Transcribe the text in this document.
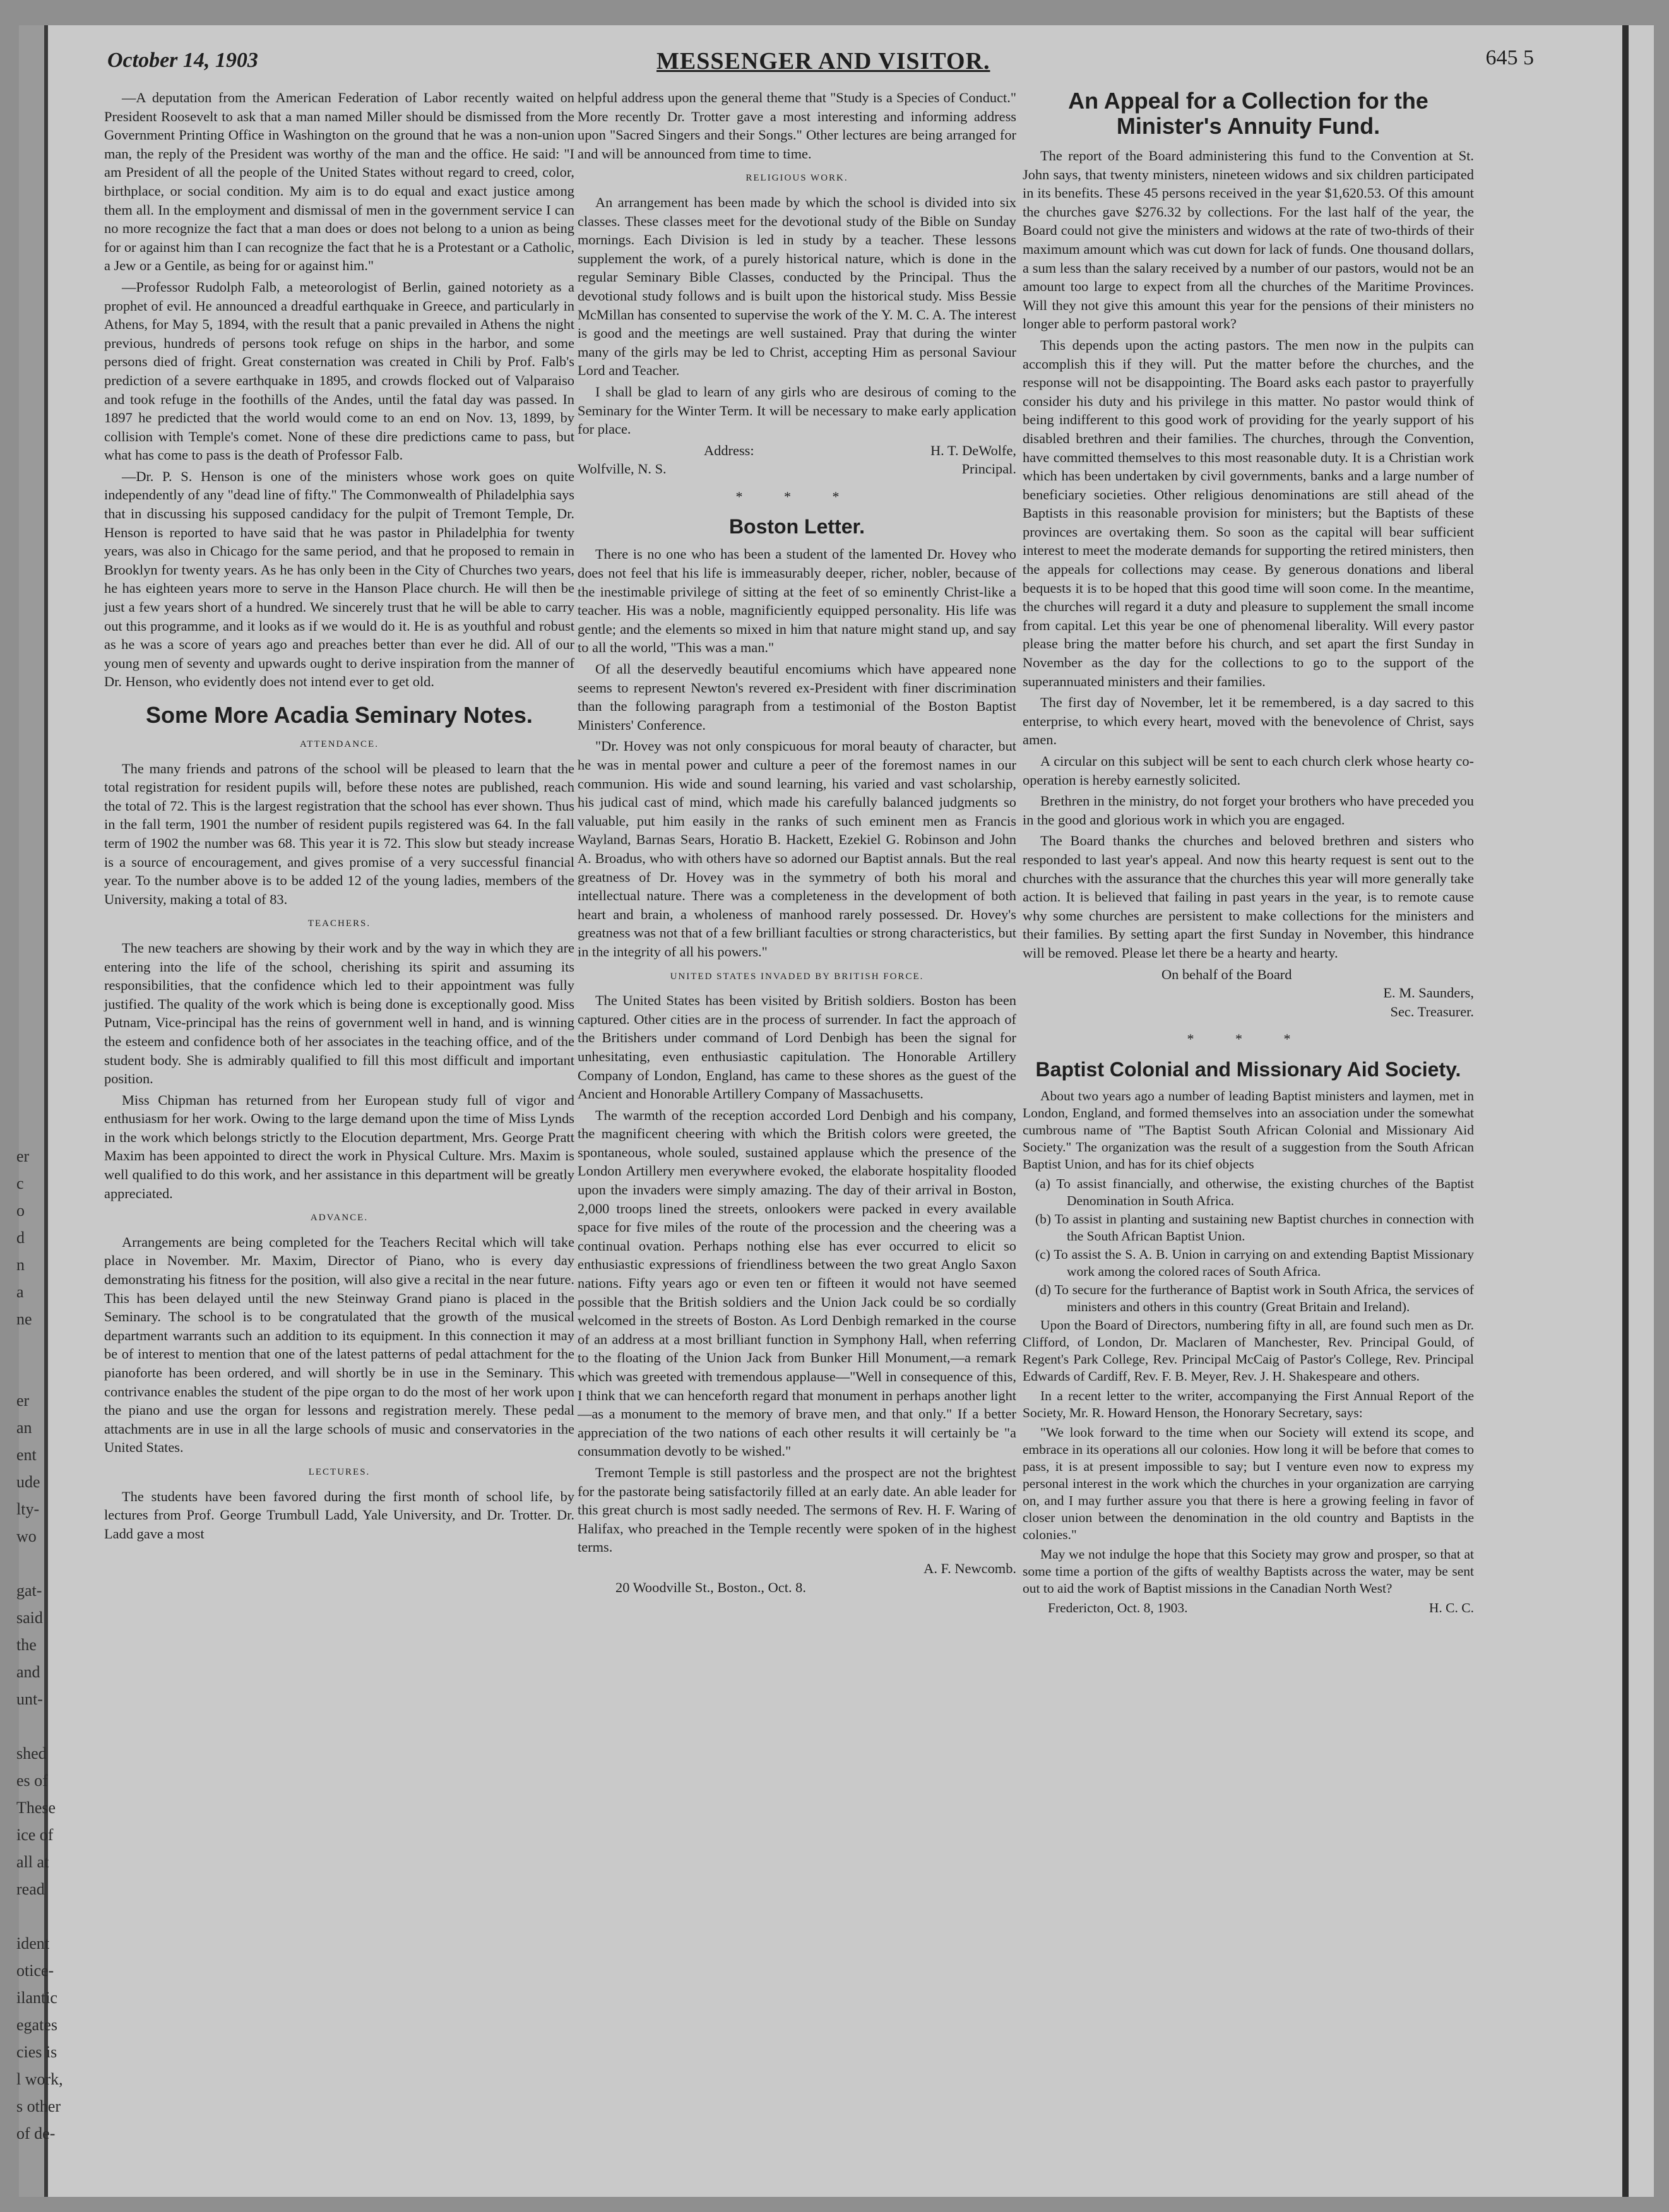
er
c
o
d
n
a
ne
er
an
ent
ude
lty-
wo
gat-
said
the
and
unt-
shed
es of
These
ice of
all at
read
ident
otice-
ilantic
egates
cies is
l work,
s other
of de-
October 14, 1903	MESSENGER AND VISITOR.	645 5

—A deputation from the American Federation of Labor recently waited on President Roosevelt to ask that a man named Miller should be dismissed from the Government Printing Office in Washington on the ground that he was a non-union man, the reply of the President was worthy of the man and the office. He said: "I am President of all the people of the United States without regard to creed, color, birthplace, or social condition. My aim is to do equal and exact justice among them all. In the employment and dismissal of men in the government service I can no more recognize the fact that a man does or does not belong to a union as being for or against him than I can recognize the fact that he is a Protestant or a Catholic, a Jew or a Gentile, as being for or against him."

—Professor Rudolph Falb, a meteorologist of Berlin, gained notoriety as a prophet of evil. He announced a dreadful earthquake in Greece, and particularly in Athens, for May 5, 1894, with the result that a panic prevailed in Athens the night previous, hundreds of persons took refuge on ships in the harbor, and some persons died of fright. Great consternation was created in Chili by Prof. Falb's prediction of a severe earthquake in 1895, and crowds flocked out of Valparaiso and took refuge in the foothills of the Andes, until the fatal day was passed. In 1897 he predicted that the world would come to an end on Nov. 13, 1899, by collision with Temple's comet. None of these dire predictions came to pass, but what has come to pass is the death of Professor Falb.

—Dr. P. S. Henson is one of the ministers whose work goes on quite independently of any "dead line of fifty." The Commonwealth of Philadelphia says that in discussing his supposed candidacy for the pulpit of Tremont Temple, Dr. Henson is reported to have said that he was pastor in Philadelphia for twenty years, was also in Chicago for the same period, and that he proposed to remain in Brooklyn for twenty years. As he has only been in the City of Churches two years, he has eighteen years more to serve in the Hanson Place church. He will then be just a few years short of a hundred. We sincerely trust that he will be able to carry out this programme, and it looks as if we would do it. He is as youthful and robust as he was a score of years ago and preaches better than ever he did. All of our young men of seventy and upwards ought to derive inspiration from the manner of Dr. Henson, who evidently does not intend ever to get old.

Some More Acadia Seminary Notes.
ATTENDANCE.

The many friends and patrons of the school will be pleased to learn that the total registration for resident pupils will, before these notes are published, reach the total of 72. This is the largest registration that the school has ever shown. Thus in the fall term, 1901 the number of resident pupils registered was 64. In the fall term of 1902 the number was 68. This year it is 72. This slow but steady increase is a source of encouragement, and gives promise of a very successful financial year. To the number above is to be added 12 of the young ladies, members of the University, making a total of 83.

TEACHERS.

The new teachers are showing by their work and by the way in which they are entering into the life of the school, cherishing its spirit and assuming its responsibilities, that the confidence which led to their appointment was fully justified. The quality of the work which is being done is exceptionally good. Miss Putnam, Vice-principal has the reins of government well in hand, and is winning the esteem and confidence both of her associates in the teaching office, and of the student body. She is admirably qualified to fill this most difficult and important position.

Miss Chipman has returned from her European study full of vigor and enthusiasm for her work. Owing to the large demand upon the time of Miss Lynds in the work which belongs strictly to the Elocution department, Mrs. George Pratt Maxim has been appointed to direct the work in Physical Culture. Mrs. Maxim is well qualified to do this work, and her assistance in this department will be greatly appreciated.

ADVANCE.

Arrangements are being completed for the Teachers Recital which will take place in November. Mr. Maxim, Director of Piano, who is every day demonstrating his fitness for the position, will also give a recital in the near future. This has been delayed until the new Steinway Grand piano is placed in the Seminary. The school is to be congratulated that the growth of the musical department warrants such an addition to its equipment. In this connection it may be of interest to mention that one of the latest patterns of pedal attachment for the pianoforte has been ordered, and will shortly be in use in the Seminary. This contrivance enables the student of the pipe organ to do the most of her work upon the piano and use the organ for lessons and registration merely. These pedal attachments are in use in all the large schools of music and conservatories in the United States.

LECTURES.

The students have been favored during the first month of school life, by lectures from Prof. George Trumbull Ladd, Yale University, and Dr. Trotter. Dr. Ladd gave a most

helpful address upon the general theme that "Study is a Species of Conduct." More recently Dr. Trotter gave a most interesting and informing address upon "Sacred Singers and their Songs." Other lectures are being arranged for and will be announced from time to time.

RELIGIOUS WORK.

An arrangement has been made by which the school is divided into six classes. These classes meet for the devotional study of the Bible on Sunday mornings. Each Division is led in study by a teacher. These lessons supplement the work, of a purely historical nature, which is done in the regular Seminary Bible Classes, conducted by the Principal. Thus the devotional study follows and is built upon the historical study. Miss Bessie McMillan has consented to supervise the work of the Y. M. C. A. The interest is good and the meetings are well sustained. Pray that during the winter many of the girls may be led to Christ, accepting Him as personal Saviour Lord and Teacher.

I shall be glad to learn of any girls who are desirous of coming to the Seminary for the Winter Term. It will be necessary to make early application for place.

Address:	H. T. DeWolfe,
Wolfville, N. S.	Principal.
* * *
Boston Letter.

There is no one who has been a student of the lamented Dr. Hovey who does not feel that his life is immeasurably deeper, richer, nobler, because of the inestimable privilege of sitting at the feet of so eminently Christ-like a teacher. His was a noble, magnificiently equipped personality. His life was gentle; and the elements so mixed in him that nature might stand up, and say to all the world, "This was a man."

Of all the deservedly beautiful encomiums which have appeared none seems to represent Newton's revered ex-President with finer discrimination than the following paragraph from a testimonial of the Boston Baptist Ministers' Conference.

"Dr. Hovey was not only conspicuous for moral beauty of character, but he was in mental power and culture a peer of the foremost names in our communion. His wide and sound learning, his varied and vast scholarship, his judical cast of mind, which made his carefully balanced judgments so valuable, put him easily in the ranks of such eminent men as Francis Wayland, Barnas Sears, Horatio B. Hackett, Ezekiel G. Robinson and John A. Broadus, who with others have so adorned our Baptist annals. But the real greatness of Dr. Hovey was in the symmetry of both his moral and intellectual nature. There was a completeness in the development of both heart and brain, a wholeness of manhood rarely possessed. Dr. Hovey's greatness was not that of a few brilliant faculties or strong characteristics, but in the integrity of all his powers."

UNITED STATES INVADED BY BRITISH FORCE.

The United States has been visited by British soldiers. Boston has been captured. Other cities are in the process of surrender. In fact the approach of the Britishers under command of Lord Denbigh has been the signal for unhesitating, even enthusiastic capitulation. The Honorable Artillery Company of London, England, has came to these shores as the guest of the Ancient and Honorable Artillery Company of Massachusetts.

The warmth of the reception accorded Lord Denbigh and his company, the magnificent cheering with which the British colors were greeted, the spontaneous, whole souled, sustained applause which the presence of the London Artillery men everywhere evoked, the elaborate hospitality flooded upon the invaders were simply amazing. The day of their arrival in Boston, 2,000 troops lined the streets, onlookers were packed in every available space for five miles of the route of the procession and the cheering was a continual ovation. Perhaps nothing else has ever occurred to elicit so enthusiastic expressions of friendliness between the two great Anglo Saxon nations. Fifty years ago or even ten or fifteen it would not have seemed possible that the British soldiers and the Union Jack could be so cordially welcomed in the streets of Boston. As Lord Denbigh remarked in the course of an address at a most brilliant function in Symphony Hall, when referring to the floating of the Union Jack from Bunker Hill Monument,—a remark which was greeted with tremendous applause—"Well in consequence of this, I think that we can henceforth regard that monument in perhaps another light—as a monument to the memory of brave men, and that only." If a better appreciation of the two nations of each other results it will certainly be "a consummation devotly to be wished."

Tremont Temple is still pastorless and the prospect are not the brightest for the pastorate being satisfactorily filled at an early date. An able leader for this great church is most sadly needed. The sermons of Rev. H. F. Waring of Halifax, who preached in the Temple recently were spoken of in the highest terms.

A. F. Newcomb.
20 Woodville St., Boston., Oct. 8.
An Appeal for a Collection for the Minister's Annuity Fund.

The report of the Board administering this fund to the Convention at St. John says, that twenty ministers, nineteen widows and six children participated in its benefits. These 45 persons received in the year $1,620.53. Of this amount the churches gave $276.32 by collections. For the last half of the year, the Board could not give the ministers and widows at the rate of two-thirds of their maximum amount which was cut down for lack of funds. One thousand dollars, a sum less than the salary received by a number of our pastors, would not be an amount too large to expect from all the churches of the Maritime Provinces. Will they not give this amount this year for the pensions of their ministers no longer able to perform pastoral work?

This depends upon the acting pastors. The men now in the pulpits can accomplish this if they will. Put the matter before the churches, and the response will not be disappointing. The Board asks each pastor to prayerfully consider his duty and his privilege in this matter. No pastor would think of being indifferent to this good work of providing for the yearly support of his disabled brethren and their families. The churches, through the Convention, have committed themselves to this most reasonable duty. It is a Christian work which has been undertaken by civil governments, banks and a large number of beneficiary societies. Other religious denominations are still ahead of the Baptists in this reasonable provision for ministers; but the Baptists of these provinces are overtaking them. So soon as the capital will bear sufficient interest to meet the moderate demands for supporting the retired ministers, then the appeals for collections may cease. By generous donations and liberal bequests it is to be hoped that this good time will soon come. In the meantime, the churches will regard it a duty and pleasure to supplement the small income from capital. Let this year be one of phenomenal liberality. Will every pastor please bring the matter before his church, and set apart the first Sunday in November as the day for the collections to go to the support of the superannuated ministers and their families.

The first day of November, let it be remembered, is a day sacred to this enterprise, to which every heart, moved with the benevolence of Christ, says amen.

A circular on this subject will be sent to each church clerk whose hearty co-operation is hereby earnestly solicited.

Brethren in the ministry, do not forget your brothers who have preceded you in the good and glorious work in which you are engaged.

The Board thanks the churches and beloved brethren and sisters who responded to last year's appeal. And now this hearty request is sent out to the churches with the assurance that the churches this year will more generally take action. It is believed that failing in past years in the year, is to remote cause why some churches are persistent to make collections for the ministers and their families. By setting apart the first Sunday in November, this hindrance will be removed. Please let there be a hearty and hearty.

On behalf of the Board
E. M. Saunders,
Sec. Treasurer.
* * *
Baptist Colonial and Missionary Aid Society.

About two years ago a number of leading Baptist ministers and laymen, met in London, England, and formed themselves into an association under the somewhat cumbrous name of "The Baptist South African Colonial and Missionary Aid Society." The organization was the result of a suggestion from the South African Baptist Union, and has for its chief objects

(a) To assist financially, and otherwise, the existing churches of the Baptist Denomination in South Africa.
(b) To assist in planting and sustaining new Baptist churches in connection with the South African Baptist Union.
(c) To assist the S. A. B. Union in carrying on and extending Baptist Missionary work among the colored races of South Africa.
(d) To secure for the furtherance of Baptist work in South Africa, the services of ministers and others in this country (Great Britain and Ireland).

Upon the Board of Directors, numbering fifty in all, are found such men as Dr. Clifford, of London, Dr. Maclaren of Manchester, Rev. Principal Gould, of Regent's Park College, Rev. Principal McCaig of Pastor's College, Rev. Principal Edwards of Cardiff, Rev. F. B. Meyer, Rev. J. H. Shakespeare and others.

In a recent letter to the writer, accompanying the First Annual Report of the Society, Mr. R. Howard Henson, the Honorary Secretary, says:

"We look forward to the time when our Society will extend its scope, and embrace in its operations all our colonies. How long it will be before that comes to pass, it is at present impossible to say; but I venture even now to express my personal interest in the work which the churches in your organization are carrying on, and I may further assure you that there is here a growing feeling in favor of closer union between the denomination in the old country and Baptists in the colonies."

May we not indulge the hope that this Society may grow and prosper, so that at some time a portion of the gifts of wealthy Baptists across the water, may be sent out to aid the work of Baptist missions in the Canadian North West?

Fredericton, Oct. 8, 1903.	H. C. C.
